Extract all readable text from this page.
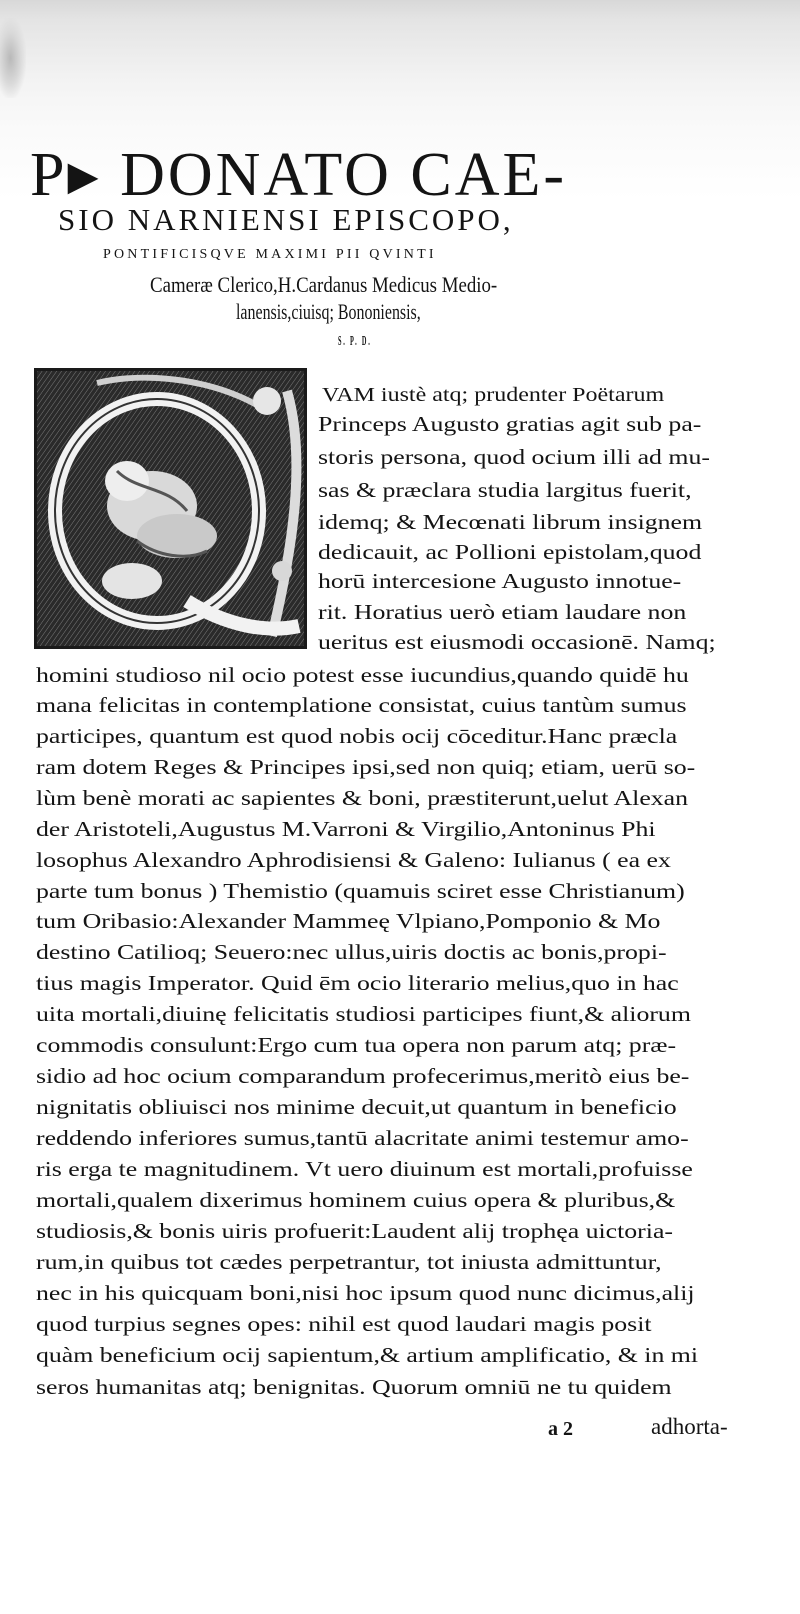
P▸ DONATO CAE-
SIO NARNIENSI EPISCOPO,
PONTIFICISQVE MAXIMI PII QVINTI
Cameræ Clerico,H.Cardanus Medicus Medio-
lanensis,ciuisq; Bononiensis,
S. P. D.
VAM iustè atq; prudenter Poëtarum
Princeps Augusto gratias agit sub pa-
storis persona, quod ocium illi ad mu-
sas & præclara studia largitus fuerit,
idemq; & Mecœnati librum insignem
dedicauit, ac Pollioni epistolam,quod
horū intercesione Augusto innotue-
rit. Horatius uerò etiam laudare non
ueritus est eiusmodi occasionē. Namq;
homini studioso nil ocio potest esse iucundius,quando quidē hu
mana felicitas in contemplatione consistat, cuius tantùm sumus
participes, quantum est quod nobis ocij cōceditur.Hanc præcla
ram dotem Reges & Principes ipsi,sed non quiq; etiam, uerū so-
lùm benè morati ac sapientes & boni, præstiterunt,uelut Alexan
der Aristoteli,Augustus M.Varroni & Virgilio,Antoninus Phi
losophus Alexandro Aphrodisiensi & Galeno: Iulianus ( ea ex
parte tum bonus ) Themistio (quamuis sciret esse Christianum)
tum Oribasio:Alexander Mammeę Vlpiano,Pomponio & Mo
destino Catilioq; Seuero:nec ullus,uiris doctis ac bonis,propi-
tius magis Imperator. Quid ēm ocio literario melius,quo in hac
uita mortali,diuinę felicitatis studiosi participes fiunt,& aliorum
commodis consulunt:Ergo cum tua opera non parum atq; præ-
sidio ad hoc ocium comparandum profecerimus,meritò eius be-
nignitatis obliuisci nos minime decuit,ut quantum in beneficio
reddendo inferiores sumus,tantū alacritate animi testemur amo-
ris erga te magnitudinem. Vt uero diuinum est mortali,profuisse
mortali,qualem dixerimus hominem cuius opera & pluribus,&
studiosis,& bonis uiris profuerit:Laudent alij trophęa uictoria-
rum,in quibus tot cædes perpetrantur, tot iniusta admittuntur,
nec in his quicquam boni,nisi hoc ipsum quod nunc dicimus,alij
quod turpius segnes opes: nihil est quod laudari magis posit
quàm beneficium ocij sapientum,& artium amplificatio, & in mi
seros humanitas atq; benignitas. Quorum omniū ne tu quidem
a 2	adhorta-
